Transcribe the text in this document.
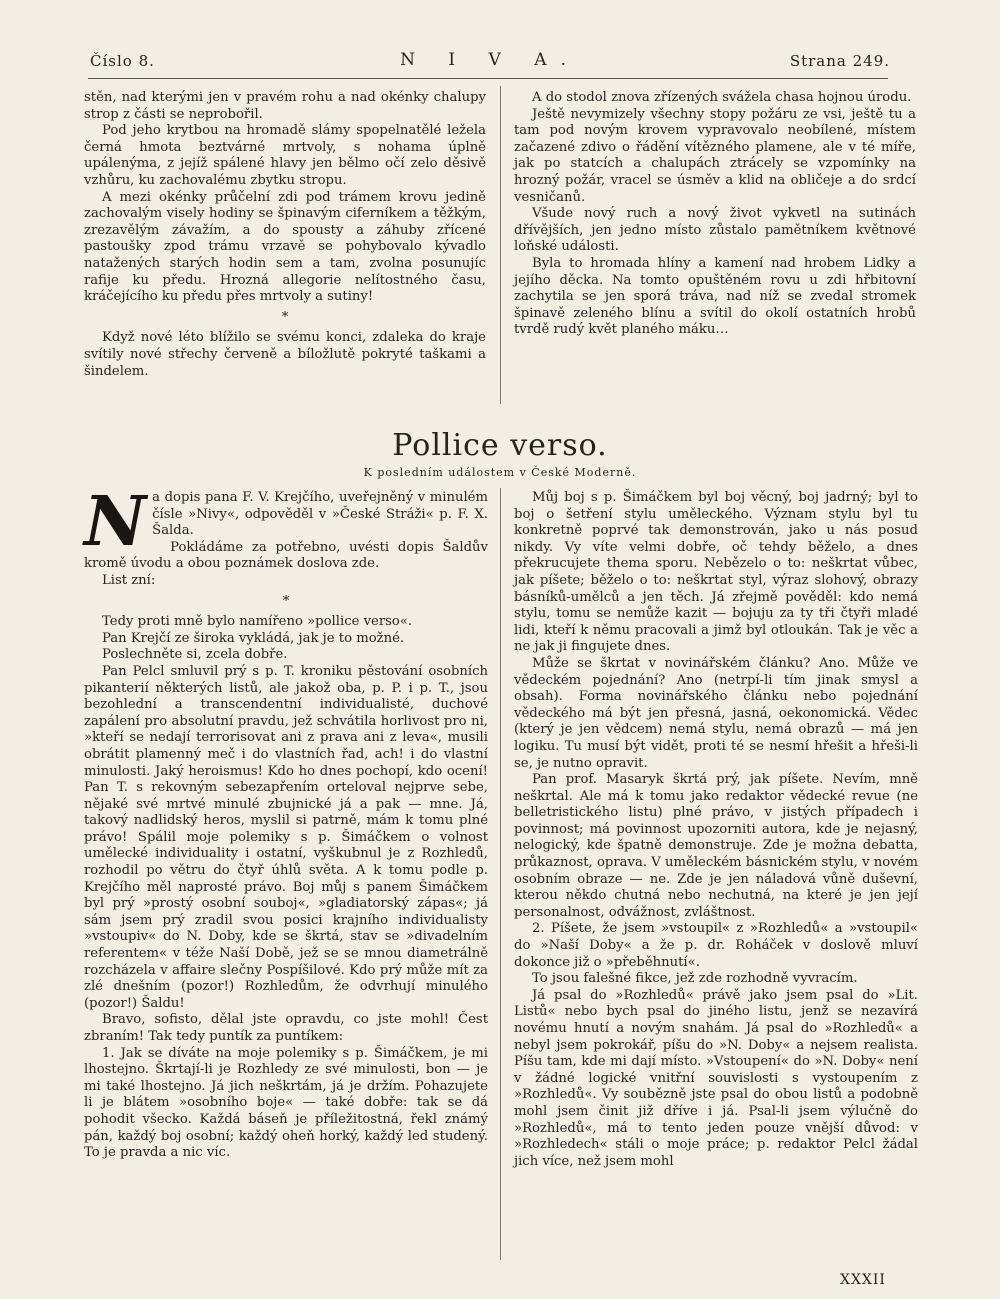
Číslo 8.	N I V A.	Strana 249.

stěn, nad kterými jen v pravém rohu a nad okénky chalupy strop z části se neprobořil.

Pod jeho krytbou na hromadě slámy spopelnatělé ležela černá hmota beztvárné mrtvoly, s nohama úplně upálenýma, z jejíž spálené hlavy jen bělmo očí zelo děsivě vzhůru, ku zachovalému zbytku stropu.

A mezi okénky průčelní zdi pod trámem krovu jedině zachovalým visely hodiny se špinavým ciferníkem a těžkým, zrezavělým závažím, a do spousty a záhuby zřícené pastoušky zpod trámu vrzavě se pohybovalo kývadlo natažených starých hodin sem a tam, zvolna posunujíc rafije ku předu. Hrozná allegorie nelítostného času, kráčejícího ku předu přes mrtvoly a sutiny!

*

Když nové léto blížilo se svému konci, zdaleka do kraje svítily nové střechy červeně a bíložlutě pokryté taškami a šindelem.

A do stodol znova zřízených svážela chasa hojnou úrodu.

Ještě nevymizely všechny stopy požáru ze vsi, ještě tu a tam pod novým krovem vypravovalo neobílené, místem začazené zdivo o řádění vítězného plamene, ale v té míře, jak po statcích a chalupách ztrácely se vzpomínky na hrozný požár, vracel se úsměv a klid na obličeje a do srdcí vesničanů.

Všude nový ruch a nový život vykvetl na sutinách dřívějších, jen jedno místo zůstalo pamětníkem květnové loňské události.

Byla to hromada hlíny a kamení nad hrobem Lidky a jejího děcka. Na tomto opuštěném rovu u zdi hřbitovní zachytila se jen sporá tráva, nad níž se zvedal stromek špinavě zeleného blínu a svítil do okolí ostatních hrobů tvrdě rudý květ planého máku…

Pollice verso.
K posledním událostem v České Moderně.

Na dopis pana F. V. Krejčího, uveřejněný v minulém čísle »Nivy«, odpověděl v »České Stráži« p. F. X. Šalda.

Pokládáme za potřebno, uvésti dopis Šaldův kromě úvodu a obou poznámek doslova zde.

List zní:

*

Tedy proti mně bylo namířeno »pollice verso«.

Pan Krejčí ze široka vykládá, jak je to možné.

Poslechněte si, zcela dobře.

Pan Pelcl smluvil prý s p. T. kroniku pěstování osobních pikanterií některých listů, ale jakož oba, p. P. i p. T., jsou bezohlední a transcendentní individualisté, duchové zapálení pro absolutní pravdu, jež schvátila horlivost pro ni, »kteří se nedají terrorisovat ani z prava ani z leva«, musili obrátit plamenný meč i do vlastních řad, ach! i do vlastní minulosti. Jaký heroismus! Kdo ho dnes pochopí, kdo ocení! Pan T. s rekovným sebezapřením orteloval nejprve sebe, nějaké své mrtvé minulé zbujnické já a pak — mne. Já, takový nadlidský heros, myslil si patrně, mám k tomu plné právo! Spálil moje polemiky s p. Šimáčkem o volnost umělecké individuality i ostatní, vyškubnul je z Rozhledů, rozhodil po větru do čtyř úhlů světa. A k tomu podle p. Krejčího měl naprosté právo. Boj můj s panem Šimáčkem byl prý »prostý osobní souboj«, »gladiatorský zápas«; já sám jsem prý zradil svou posici krajního individualisty »vstoupiv« do N. Doby, kde se škrtá, stav se »divadelním referentem« v téže Naší Době, jež se se mnou diametrálně rozcházela v affaire slečny Pospíšilové. Kdo prý může mít za zlé dnešním (pozor!) Rozhledům, že odvrhují minulého (pozor!) Šaldu!

Bravo, sofisto, dělal jste opravdu, co jste mohl! Čest zbraním! Tak tedy puntík za puntíkem:

1. Jak se díváte na moje polemiky s p. Šimáčkem, je mi lhostejno. Škrtají-li je Rozhledy ze své minulosti, bon — je mi také lhostejno. Já jich neškrtám, já je držím. Pohazujete li je blátem »osobního boje« — také dobře: tak se dá pohodit všecko. Každá báseň je příležitostná, řekl známý pán, každý boj osobní; každý oheň horký, každý led studený. To je pravda a nic víc.

Můj boj s p. Šimáčkem byl boj věcný, boj jadrný; byl to boj o šetření stylu uměleckého. Význam stylu byl tu konkretně poprvé tak demonstrován, jako u nás posud nikdy. Vy víte velmi dobře, oč tehdy běželo, a dnes překrucujete thema sporu. Nebězelo o to: neškrtat vůbec, jak píšete; běželo o to: neškrtat styl, výraz slohový, obrazy básníků-umělců a jen těch. Já zřejmě pověděl: kdo nemá stylu, tomu se nemůže kazit — bojuju za ty tři čtyři mladé lidi, kteří k němu pracovali a jimž byl otloukán. Tak je věc a ne jak ji fingujete dnes.

Může se škrtat v novinářském článku? Ano. Může ve vědeckém pojednání? Ano (netrpí-li tím jinak smysl a obsah). Forma novinářského článku nebo pojednání vědeckého má být jen přesná, jasná, oekonomická. Vědec (který je jen vědcem) nemá stylu, nemá obrazů — má jen logiku. Tu musí být vidět, proti té se nesmí hřešit a hřeši-li se, je nutno opravit.

Pan prof. Masaryk škrtá prý, jak píšete. Nevím, mně neškrtal. Ale má k tomu jako redaktor vědecké revue (ne belletristického listu) plné právo, v jistých případech i povinnost; má povinnost upozorniti autora, kde je nejasný, nelogický, kde špatně demonstruje. Zde je možna debatta, průkaznost, oprava. V uměleckém básnickém stylu, v novém osobním obraze — ne. Zde je jen náladová vůně duševní, kterou někdo chutná nebo nechutná, na které je jen její personalnost, odvážnost, zvláštnost.

2. Píšete, že jsem »vstoupil« z »Rozhledů« a »vstoupil« do »Naší Doby« a že p. dr. Roháček v doslově mluví dokonce již o »přeběhnutí«.

To jsou falešné fikce, jež zde rozhodně vyvracím.

Já psal do »Rozhledů« právě jako jsem psal do »Lit. Listů« nebo bych psal do jiného listu, jenž se nezavírá novému hnutí a novým snahám. Já psal do »Rozhledů« a nebyl jsem pokrokář, píšu do »N. Doby« a nejsem realista. Píšu tam, kde mi dají místo. »Vstoupení« do »N. Doby« není v žádné logické vnitřní souvislosti s vystoupením z »Rozhledů«. Vy soubězně jste psal do obou listů a podobně mohl jsem činit již dříve i já. Psal-li jsem výlučně do »Rozhledů«, má to tento jeden pouze vnější důvod: v »Rozhledech« stáli o moje práce; p. redaktor Pelcl žádal jich více, než jsem mohl

XXXII
